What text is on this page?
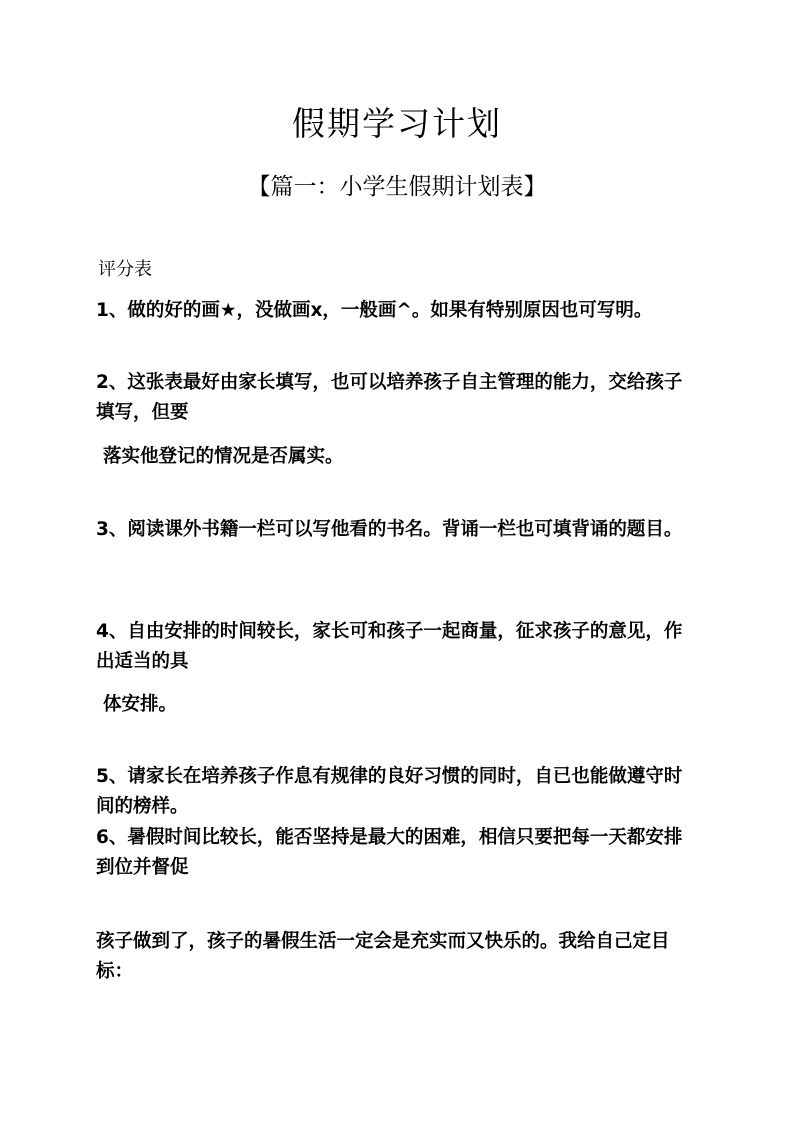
假期学习计划
【篇一：小学生假期计划表】

评分表

1、做的好的画★，没做画x，一般画^。如果有特别原因也可写明。

2、这张表最好由家长填写，也可以培养孩子自主管理的能力，交给孩子填写，但要

落实他登记的情况是否属实。

3、阅读课外书籍一栏可以写他看的书名。背诵一栏也可填背诵的题目。

4、自由安排的时间较长，家长可和孩子一起商量，征求孩子的意见，作出适当的具

体安排。

5、请家长在培养孩子作息有规律的良好习惯的同时，自已也能做遵守时间的榜样。

6、暑假时间比较长，能否坚持是最大的困难，相信只要把每一天都安排到位并督促

孩子做到了，孩子的暑假生活一定会是充实而又快乐的。我给自己定目标：
